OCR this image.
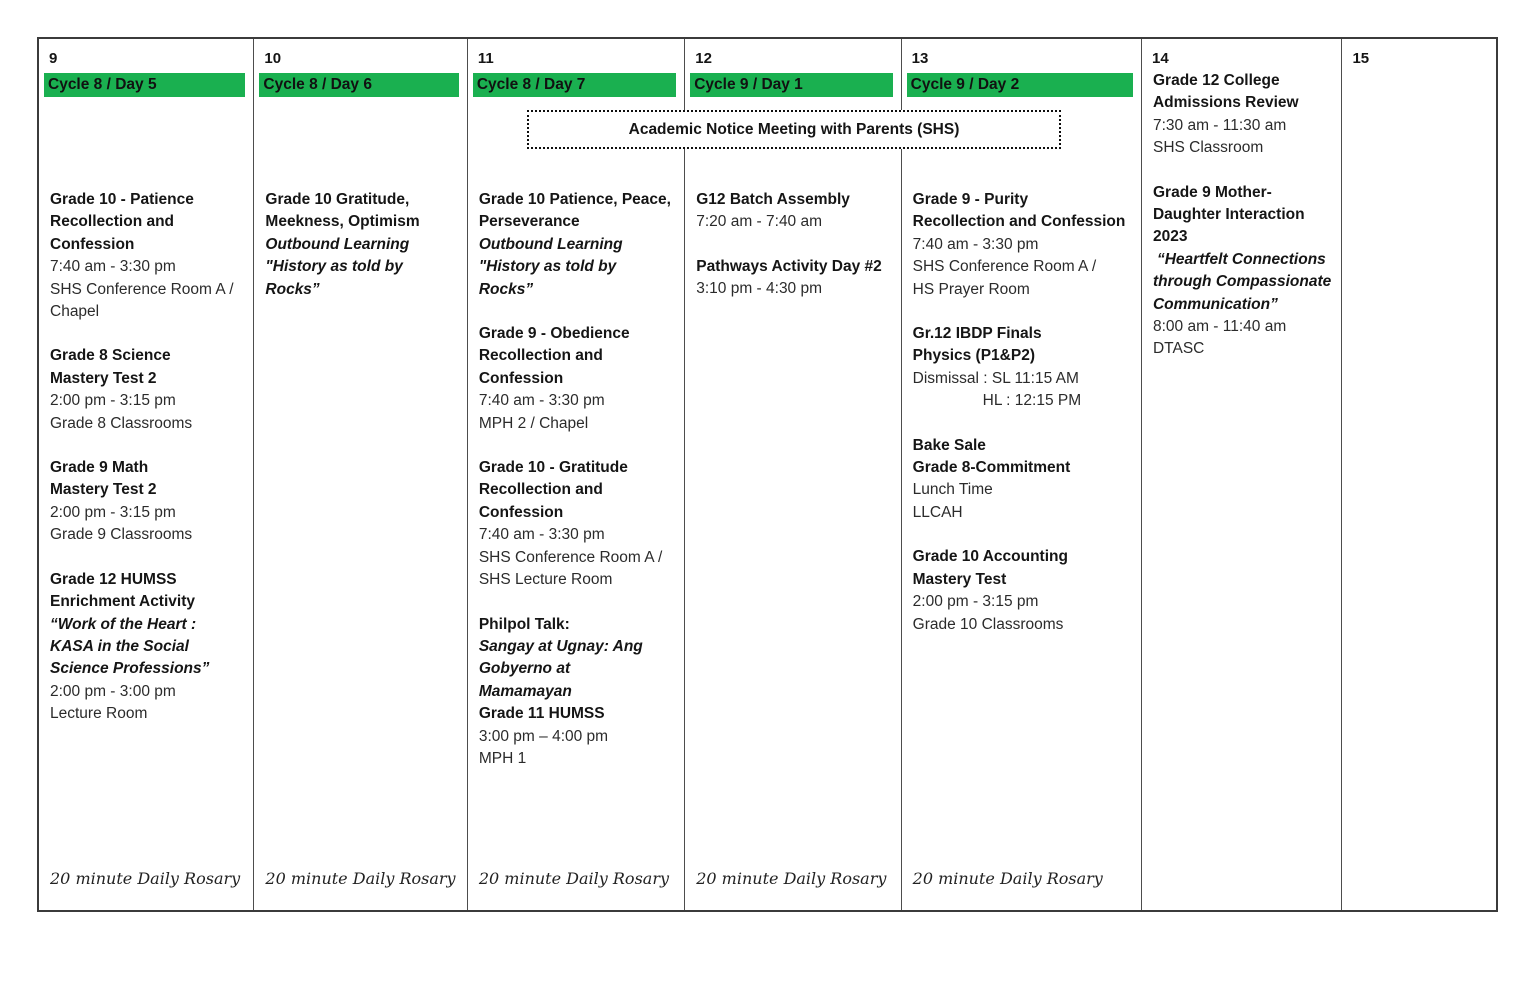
9
Cycle 8 / Day 5
Grade 10 - Patience
Recollection and
Confession
7:40 am - 3:30 pm
SHS Conference Room A /
Chapel
Grade 8 Science
Mastery Test 2
2:00 pm - 3:15 pm
Grade 8 Classrooms
Grade 9 Math
Mastery Test 2
2:00 pm - 3:15 pm
Grade 9 Classrooms
Grade 12 HUMSS
Enrichment Activity
“Work of the Heart :
KASA in the Social
Science Professions”
2:00 pm - 3:00 pm
Lecture Room
20 minute Daily Rosary
10
Cycle 8 / Day 6
Grade 10 Gratitude,
Meekness, Optimism
Outbound Learning
"History as told by
Rocks”
20 minute Daily Rosary
11
Cycle 8 / Day 7
Grade 10 Patience, Peace,
Perseverance
Outbound Learning
"History as told by
Rocks”
Grade 9 - Obedience
Recollection and
Confession
7:40 am - 3:30 pm
MPH 2 / Chapel
Grade 10 - Gratitude
Recollection and
Confession
7:40 am - 3:30 pm
SHS Conference Room A /
SHS Lecture Room
Philpol Talk:
Sangay at Ugnay: Ang
Gobyerno at
Mamamayan
Grade 11 HUMSS
3:00 pm – 4:00 pm
MPH 1
20 minute Daily Rosary
12
Cycle 9 / Day 1
G12 Batch Assembly
7:20 am - 7:40 am
Pathways Activity Day #2
3:10 pm - 4:30 pm
20 minute Daily Rosary
13
Cycle 9 / Day 2
Grade 9 - Purity
Recollection and Confession
7:40 am - 3:30 pm
SHS Conference Room A /
HS Prayer Room
Gr.12 IBDP Finals
Physics (P1&P2)
Dismissal : SL 11:15 AM
HL : 12:15 PM
Bake Sale
Grade 8-Commitment
Lunch Time
LLCAH
Grade 10 Accounting
Mastery Test
2:00 pm - 3:15 pm
Grade 10 Classrooms
20 minute Daily Rosary
14
Grade 12 College
Admissions Review
7:30 am - 11:30 am
SHS Classroom
Grade 9 Mother-
Daughter Interaction
2023
“Heartfelt Connections
through Compassionate
Communication”
8:00 am - 11:40 am
DTASC
15
Academic Notice Meeting with Parents (SHS)
